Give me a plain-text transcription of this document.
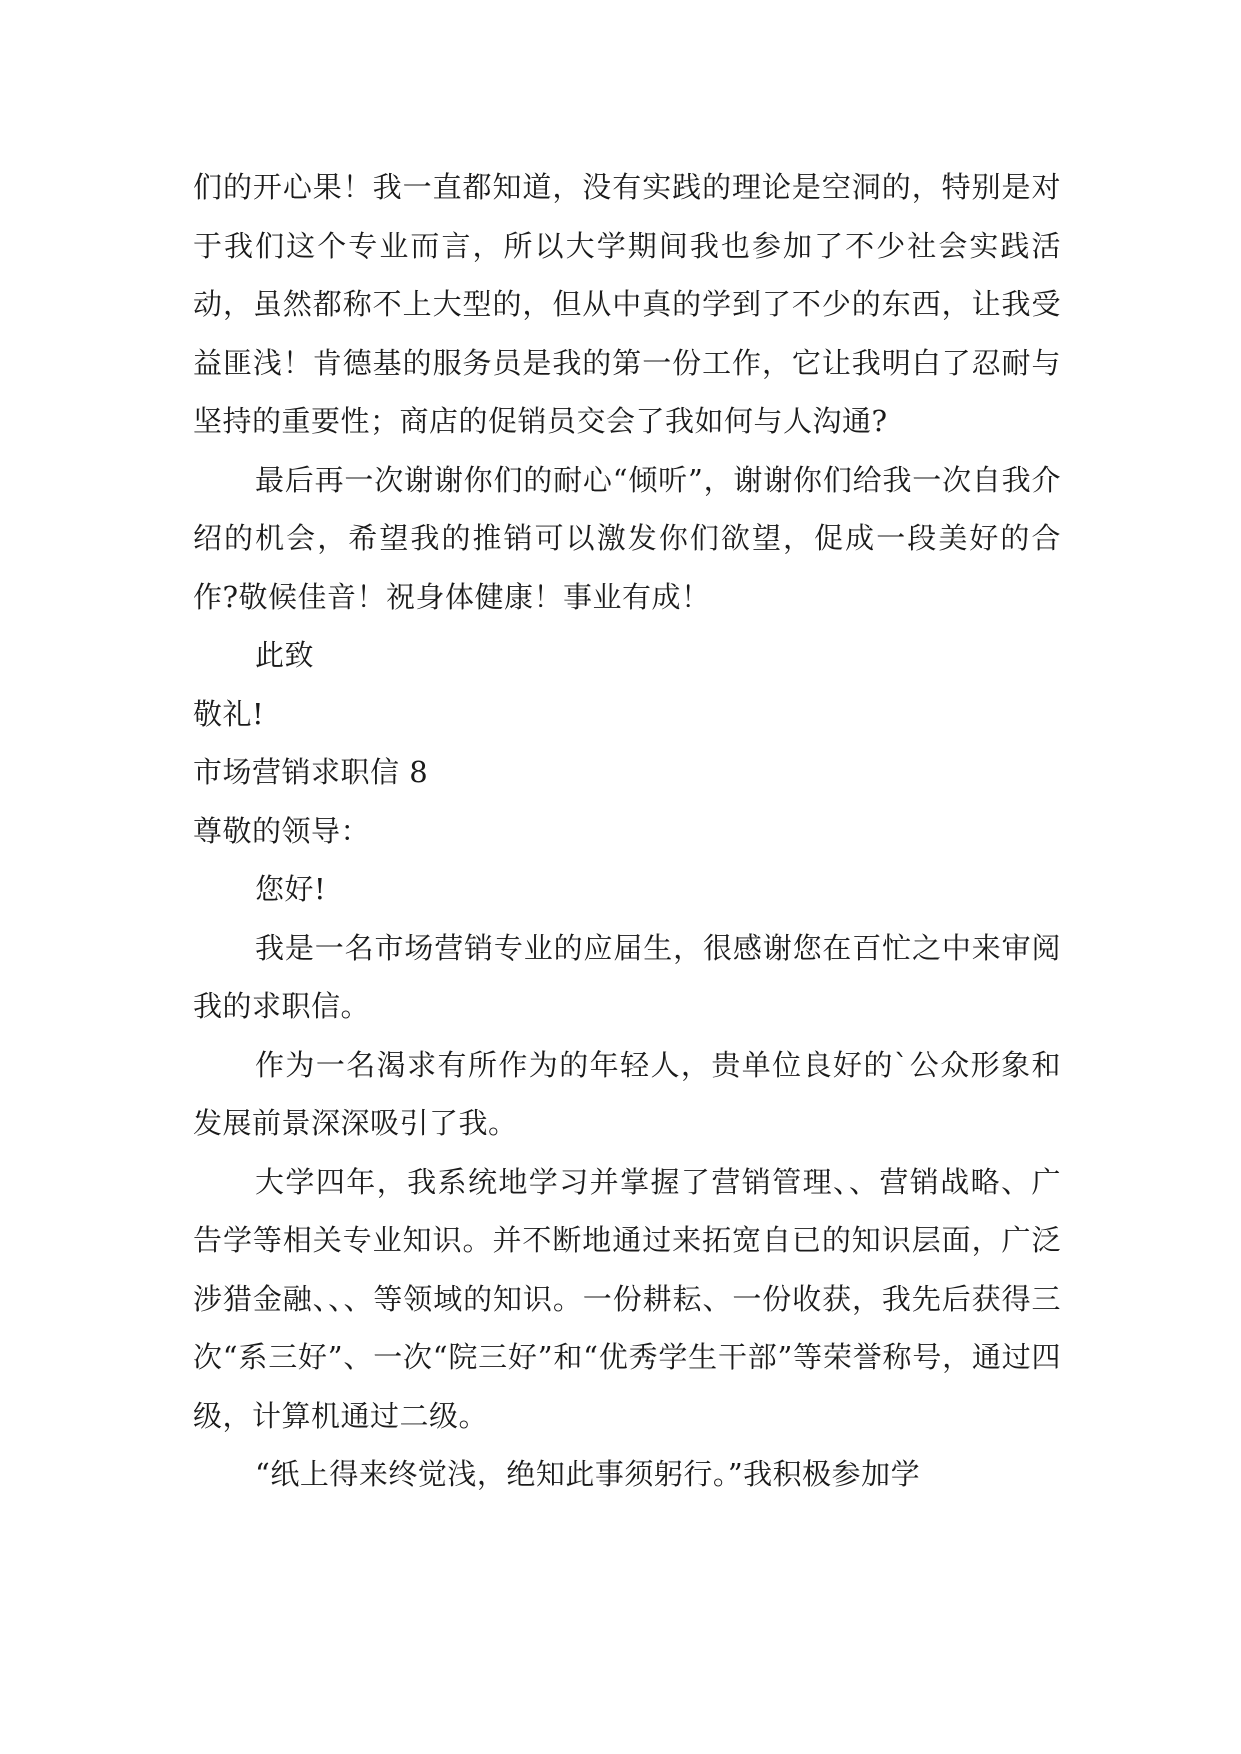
们的开心果！我一直都知道，没有实践的理论是空洞的，特别是对于我们这个专业而言，所以大学期间我也参加了不少社会实践活动，虽然都称不上大型的，但从中真的学到了不少的东西，让我受益匪浅！肯德基的服务员是我的第一份工作，它让我明白了忍耐与坚持的重要性；商店的促销员交会了我如何与人沟通?

最后再一次谢谢你们的耐心“倾听”，谢谢你们给我一次自我介绍的机会，希望我的推销可以激发你们欲望，促成一段美好的合作?敬候佳音！祝身体健康！事业有成！

此致

敬礼!

市场营销求职信 8

尊敬的领导：

您好!

我是一名市场营销专业的应届生，很感谢您在百忙之中来审阅我的求职信。

作为一名渴求有所作为的年轻人，贵单位良好的`公众形象和发展前景深深吸引了我。

大学四年，我系统地学习并掌握了营销管理、、营销战略、广告学等相关专业知识。并不断地通过来拓宽自已的知识层面，广泛涉猎金融、、、等领域的知识。一份耕耘、一份收获，我先后获得三次“系三好”、一次“院三好”和“优秀学生干部”等荣誉称号，通过四级，计算机通过二级。

“纸上得来终觉浅，绝知此事须躬行。”我积极参加学
